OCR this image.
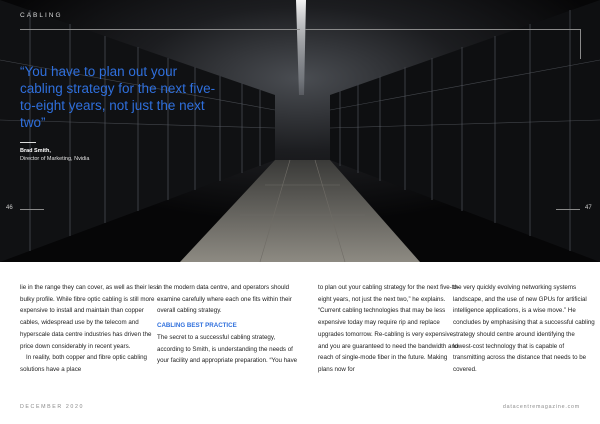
CABLING
“You have to plan out your cabling strategy for the next five-to-eight years, not just the next two”
Brad Smith,
Director of Marketing, Nvidia
46	47

lie in the range they can cover, as well as their less bulky profile. While fibre optic cabling is still more expensive to install and maintain than copper cables, widespread use by the telecom and hyperscale data centre industries has driven the price down considerably in recent years.

In reality, both copper and fibre optic cabling solutions have a place

in the modern data centre, and operators should examine carefully where each one fits within their overall cabling strategy.

CABLING BEST PRACTICE

The secret to a successful cabling strategy, according to Smith, is understanding the needs of your facility and appropriate preparation. “You have

to plan out your cabling strategy for the next five-to-eight years, not just the next two,” he explains. “Current cabling technologies that may be less expensive today may require rip and replace upgrades tomorrow. Re-cabling is very expensive, and you are guaranteed to need the bandwidth and reach of single-mode fiber in the future. Making plans now for

the very quickly evolving networking systems landscape, and the use of new GPUs for artificial intelligence applications, is a wise move.” He concludes by emphasising that a successful cabling strategy should centre around identifying the lowest-cost technology that is capable of transmitting across the distance that needs to be covered.

DECEMBER 2020	datacentremagazine.com
